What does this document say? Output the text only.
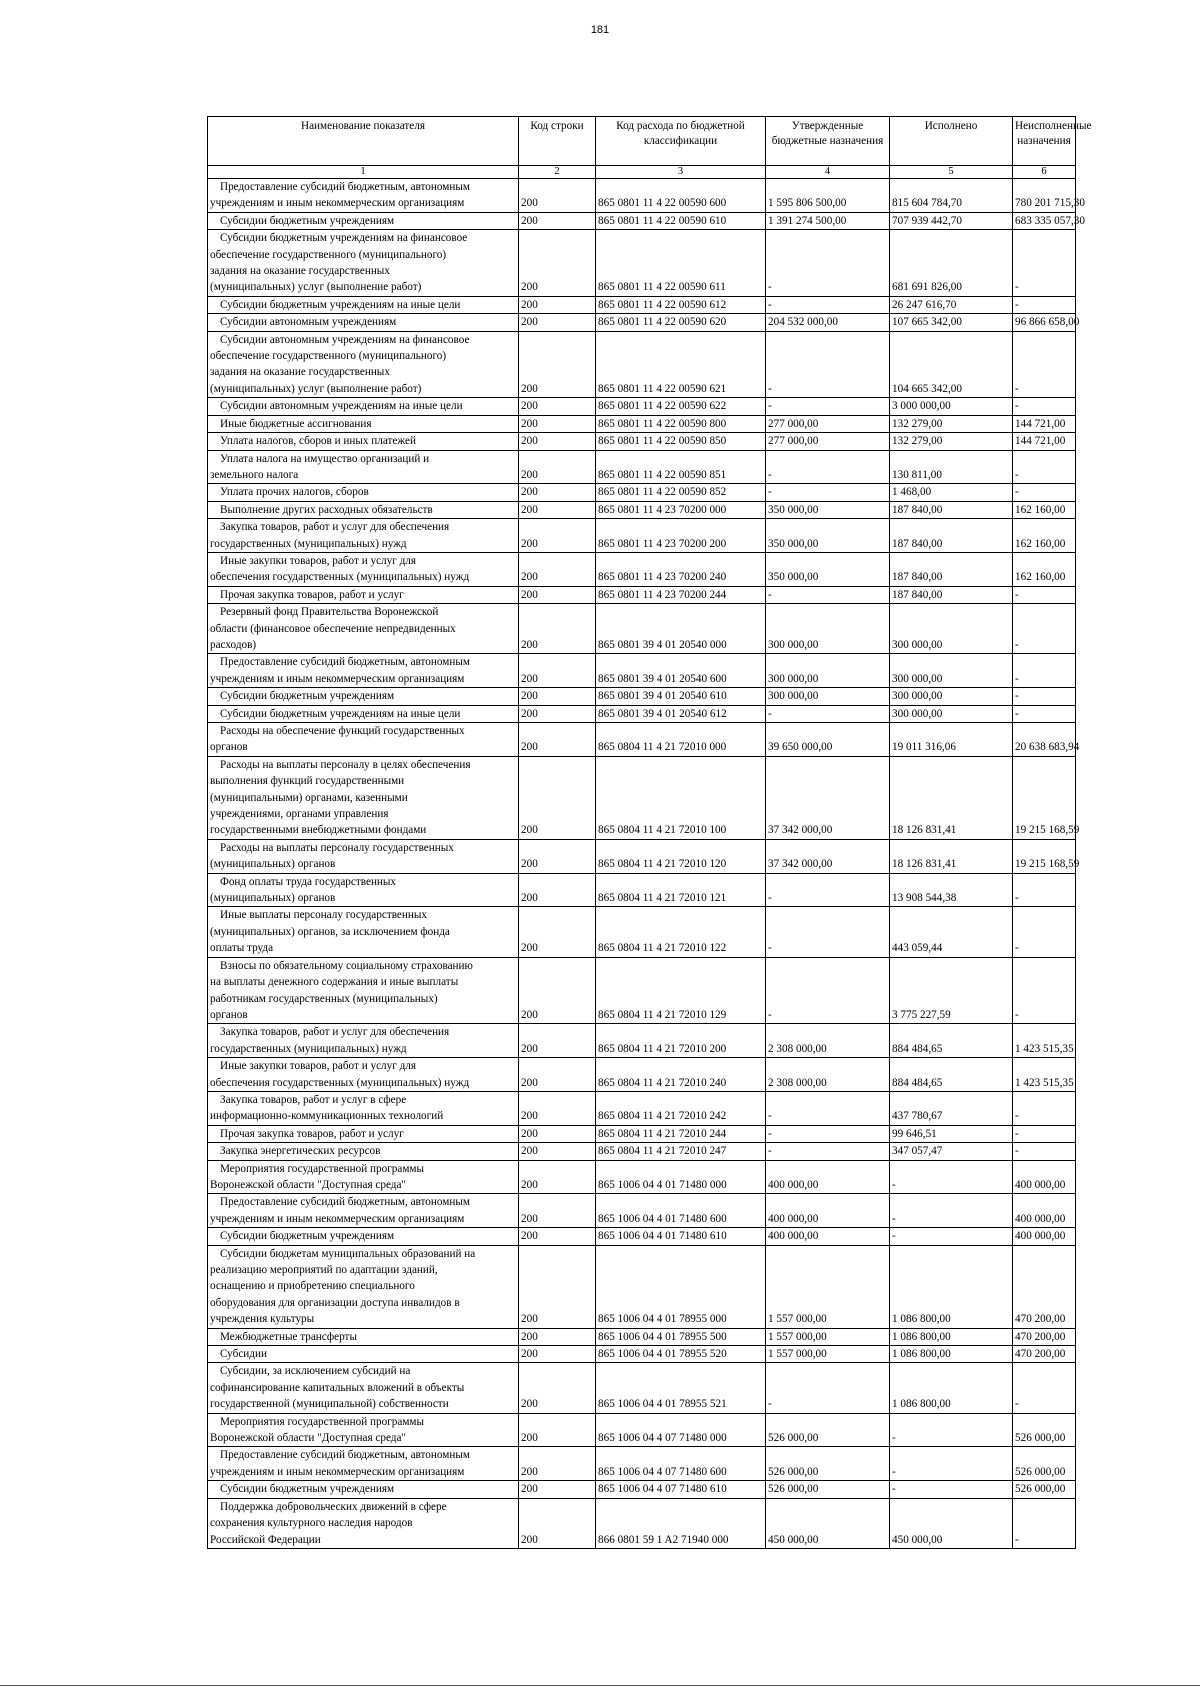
181
Наименование показателя	Код строки	Код расхода по бюджетной классификации	Утвержденные бюджетные назначения	Исполнено	Неисполненные назначения
1	2	3	4	5	6

Предоставление субсидий бюджетным, автономным
учреждениям и иным некоммерческим организациям	200	865 0801 11 4 22 00590 600	1 595 806 500,00	815 604 784,70	780 201 715,30

Субсидии бюджетным учреждениям	200	865 0801 11 4 22 00590 610	1 391 274 500,00	707 939 442,70	683 335 057,30

Субсидии бюджетным учреждениям на финансовое
обеспечение государственного (муниципального)
задания на оказание государственных
(муниципальных) услуг (выполнение работ)	200	865 0801 11 4 22 00590 611	-	681 691 826,00	-

Субсидии бюджетным учреждениям на иные цели	200	865 0801 11 4 22 00590 612	-	26 247 616,70	-

Субсидии автономным учреждениям	200	865 0801 11 4 22 00590 620	204 532 000,00	107 665 342,00	96 866 658,00

Субсидии автономным учреждениям на финансовое
обеспечение государственного (муниципального)
задания на оказание государственных
(муниципальных) услуг (выполнение работ)	200	865 0801 11 4 22 00590 621	-	104 665 342,00	-

Субсидии автономным учреждениям на иные цели	200	865 0801 11 4 22 00590 622	-	3 000 000,00	-

Иные бюджетные ассигнования	200	865 0801 11 4 22 00590 800	277 000,00	132 279,00	144 721,00

Уплата налогов, сборов и иных платежей	200	865 0801 11 4 22 00590 850	277 000,00	132 279,00	144 721,00

Уплата налога на имущество организаций и
земельного налога	200	865 0801 11 4 22 00590 851	-	130 811,00	-

Уплата прочих налогов, сборов	200	865 0801 11 4 22 00590 852	-	1 468,00	-

Выполнение других расходных обязательств	200	865 0801 11 4 23 70200 000	350 000,00	187 840,00	162 160,00

Закупка товаров, работ и услуг для обеспечения
государственных (муниципальных) нужд	200	865 0801 11 4 23 70200 200	350 000,00	187 840,00	162 160,00

Иные закупки товаров, работ и услуг для
обеспечения государственных (муниципальных) нужд	200	865 0801 11 4 23 70200 240	350 000,00	187 840,00	162 160,00

Прочая закупка товаров, работ и услуг	200	865 0801 11 4 23 70200 244	-	187 840,00	-

Резервный фонд Правительства Воронежской
области (финансовое обеспечение непредвиденных
расходов)	200	865 0801 39 4 01 20540 000	300 000,00	300 000,00	-

Предоставление субсидий бюджетным, автономным
учреждениям и иным некоммерческим организациям	200	865 0801 39 4 01 20540 600	300 000,00	300 000,00	-

Субсидии бюджетным учреждениям	200	865 0801 39 4 01 20540 610	300 000,00	300 000,00	-

Субсидии бюджетным учреждениям на иные цели	200	865 0801 39 4 01 20540 612	-	300 000,00	-

Расходы на обеспечение функций государственных
органов	200	865 0804 11 4 21 72010 000	39 650 000,00	19 011 316,06	20 638 683,94

Расходы на выплаты персоналу в целях обеспечения
выполнения функций государственными
(муниципальными) органами, казенными
учреждениями, органами управления
государственными внебюджетными фондами	200	865 0804 11 4 21 72010 100	37 342 000,00	18 126 831,41	19 215 168,59

Расходы на выплаты персоналу государственных
(муниципальных) органов	200	865 0804 11 4 21 72010 120	37 342 000,00	18 126 831,41	19 215 168,59

Фонд оплаты труда государственных
(муниципальных) органов	200	865 0804 11 4 21 72010 121	-	13 908 544,38	-

Иные выплаты персоналу государственных
(муниципальных) органов, за исключением фонда
оплаты труда	200	865 0804 11 4 21 72010 122	-	443 059,44	-

Взносы по обязательному социальному страхованию
на выплаты денежного содержания и иные выплаты
работникам государственных (муниципальных)
органов	200	865 0804 11 4 21 72010 129	-	3 775 227,59	-

Закупка товаров, работ и услуг для обеспечения
государственных (муниципальных) нужд	200	865 0804 11 4 21 72010 200	2 308 000,00	884 484,65	1 423 515,35

Иные закупки товаров, работ и услуг для
обеспечения государственных (муниципальных) нужд	200	865 0804 11 4 21 72010 240	2 308 000,00	884 484,65	1 423 515,35

Закупка товаров, работ и услуг в сфере
информационно-коммуникационных технологий	200	865 0804 11 4 21 72010 242	-	437 780,67	-

Прочая закупка товаров, работ и услуг	200	865 0804 11 4 21 72010 244	-	99 646,51	-

Закупка энергетических ресурсов	200	865 0804 11 4 21 72010 247	-	347 057,47	-

Мероприятия государственной программы
Воронежской области "Доступная среда"	200	865 1006 04 4 01 71480 000	400 000,00	-	400 000,00

Предоставление субсидий бюджетным, автономным
учреждениям и иным некоммерческим организациям	200	865 1006 04 4 01 71480 600	400 000,00	-	400 000,00

Субсидии бюджетным учреждениям	200	865 1006 04 4 01 71480 610	400 000,00	-	400 000,00

Субсидии бюджетам муниципальных образований на
реализацию мероприятий по адаптации зданий,
оснащению и приобретению специального
оборудования для организации доступа инвалидов в
учреждения культуры	200	865 1006 04 4 01 78955 000	1 557 000,00	1 086 800,00	470 200,00

Межбюджетные трансферты	200	865 1006 04 4 01 78955 500	1 557 000,00	1 086 800,00	470 200,00

Субсидии	200	865 1006 04 4 01 78955 520	1 557 000,00	1 086 800,00	470 200,00

Субсидии, за исключением субсидий на
софинансирование капитальных вложений в объекты
государственной (муниципальной) собственности	200	865 1006 04 4 01 78955 521	-	1 086 800,00	-

Мероприятия государственной программы
Воронежской области "Доступная среда"	200	865 1006 04 4 07 71480 000	526 000,00	-	526 000,00

Предоставление субсидий бюджетным, автономным
учреждениям и иным некоммерческим организациям	200	865 1006 04 4 07 71480 600	526 000,00	-	526 000,00

Субсидии бюджетным учреждениям	200	865 1006 04 4 07 71480 610	526 000,00	-	526 000,00

Поддержка добровольческих движений в сфере
сохранения культурного наследия народов
Российской Федерации	200	866 0801 59 1 A2 71940 000	450 000,00	450 000,00	-
